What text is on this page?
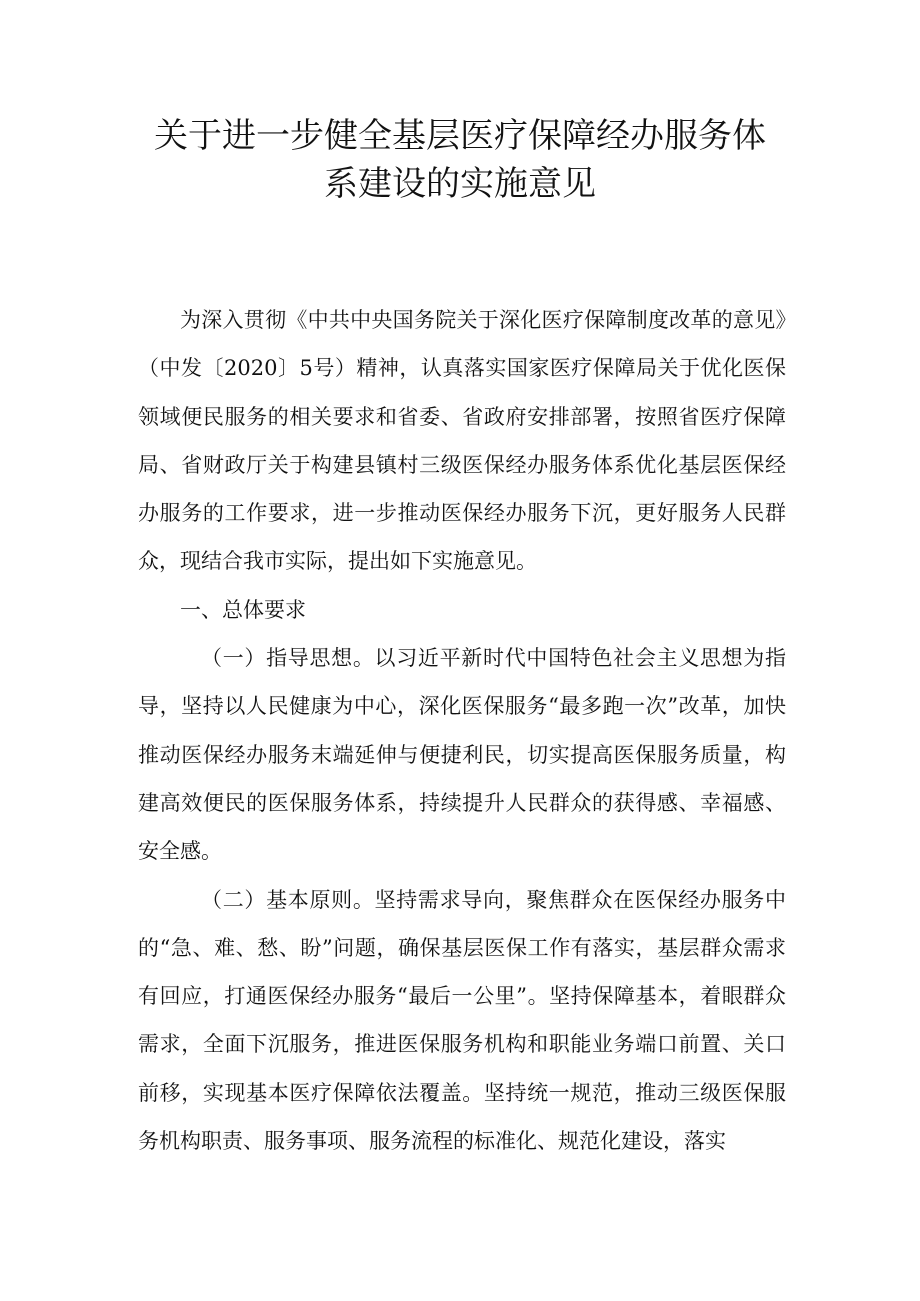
关于进一步健全基层医疗保障经办服务体
系建设的实施意见

为深入贯彻《中共中央国务院关于深化医疗保障制度改革的意见》（中发〔2020〕5号）精神，认真落实国家医疗保障局关于优化医保领域便民服务的相关要求和省委、省政府安排部署，按照省医疗保障局、省财政厅关于构建县镇村三级医保经办服务体系优化基层医保经办服务的工作要求，进一步推动医保经办服务下沉，更好服务人民群众，现结合我市实际，提出如下实施意见。

一、总体要求

（一）指导思想。以习近平新时代中国特色社会主义思想为指导，坚持以人民健康为中心，深化医保服务“最多跑一次”改革，加快推动医保经办服务末端延伸与便捷利民，切实提高医保服务质量，构建高效便民的医保服务体系，持续提升人民群众的获得感、幸福感、安全感。

（二）基本原则。坚持需求导向，聚焦群众在医保经办服务中的“急、难、愁、盼”问题，确保基层医保工作有落实，基层群众需求有回应，打通医保经办服务“最后一公里”。坚持保障基本，着眼群众需求，全面下沉服务，推进医保服务机构和职能业务端口前置、关口前移，实现基本医疗保障依法覆盖。坚持统一规范，推动三级医保服务机构职责、服务事项、服务流程的标准化、规范化建设，落实
